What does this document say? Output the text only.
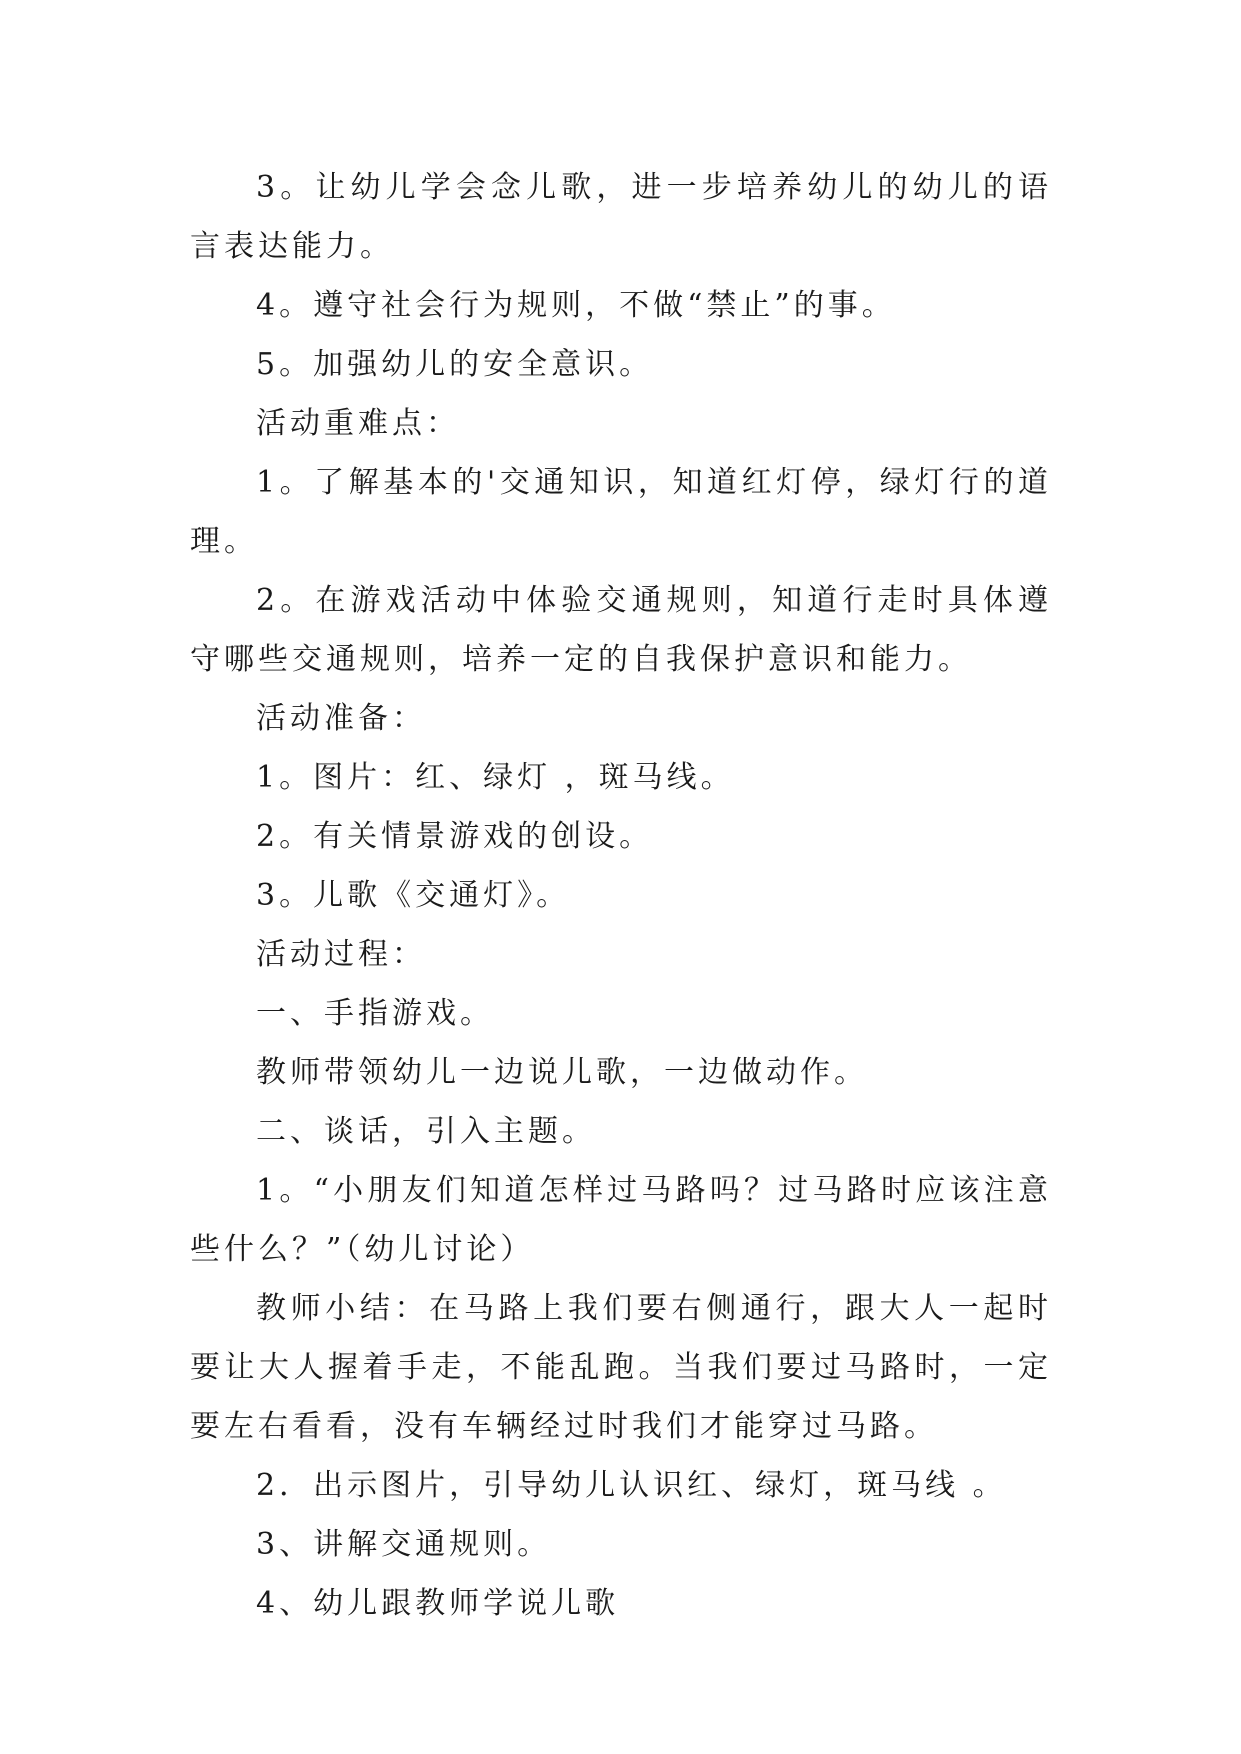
3。让幼儿学会念儿歌，进一步培养幼儿的幼儿的语言表达能力。

4。遵守社会行为规则，不做“禁止”的事。

5。加强幼儿的安全意识。

活动重难点：

1。了解基本的'交通知识，知道红灯停，绿灯行的道理。

2。在游戏活动中体验交通规则，知道行走时具体遵守哪些交通规则，培养一定的自我保护意识和能力。

活动准备：

1。图片：红、绿灯 ，斑马线。

2。有关情景游戏的创设。

3。儿歌《交通灯》。

活动过程：

一、手指游戏。

教师带领幼儿一边说儿歌，一边做动作。

二、谈话，引入主题。

1。“小朋友们知道怎样过马路吗？过马路时应该注意些什么？”（幼儿讨论）

教师小结：在马路上我们要右侧通行，跟大人一起时要让大人握着手走，不能乱跑。当我们要过马路时，一定要左右看看，没有车辆经过时我们才能穿过马路。

2．出示图片，引导幼儿认识红、绿灯，斑马线 。

3、讲解交通规则。

4、幼儿跟教师学说儿歌
